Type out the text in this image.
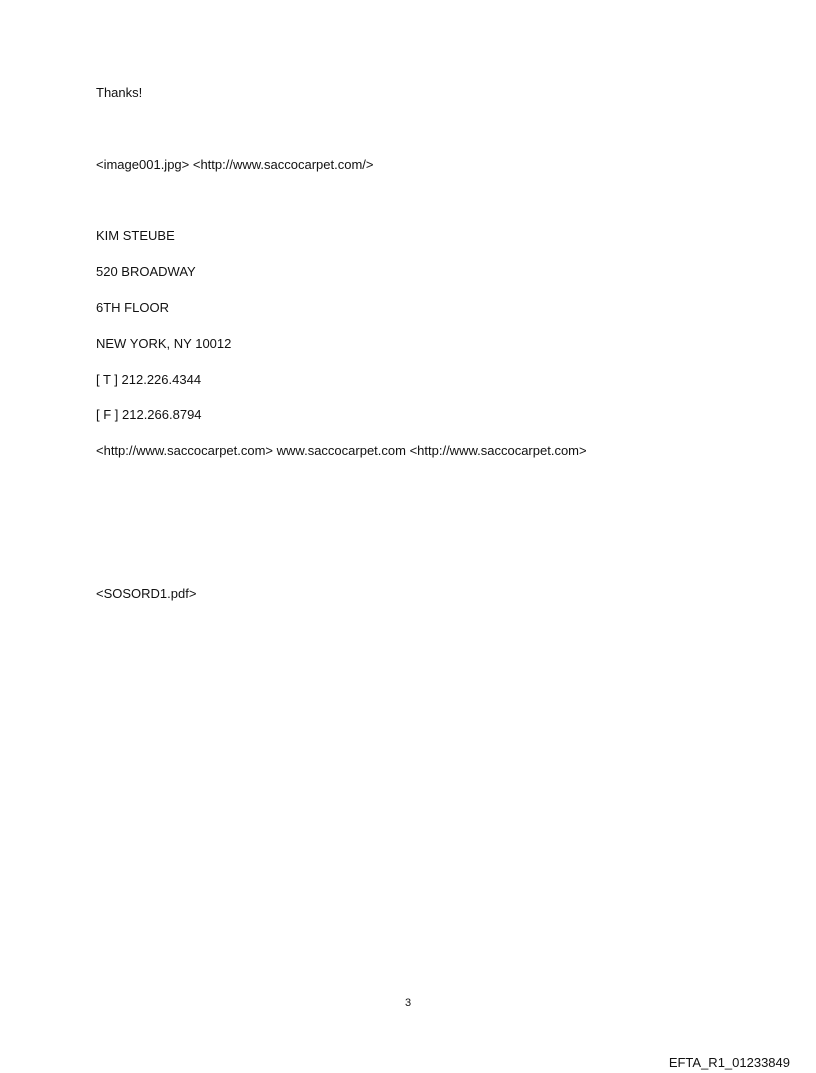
Thanks!
<image001.jpg> <http://www.saccocarpet.com/>
KIM STEUBE
520 BROADWAY
6TH FLOOR
NEW YORK, NY 10012
[ T ] 212.226.4344
[ F ] 212.266.8794
<http://www.saccocarpet.com> www.saccocarpet.com <http://www.saccocarpet.com>
<SOSORD1.pdf>
3
EFTA_R1_01233849
